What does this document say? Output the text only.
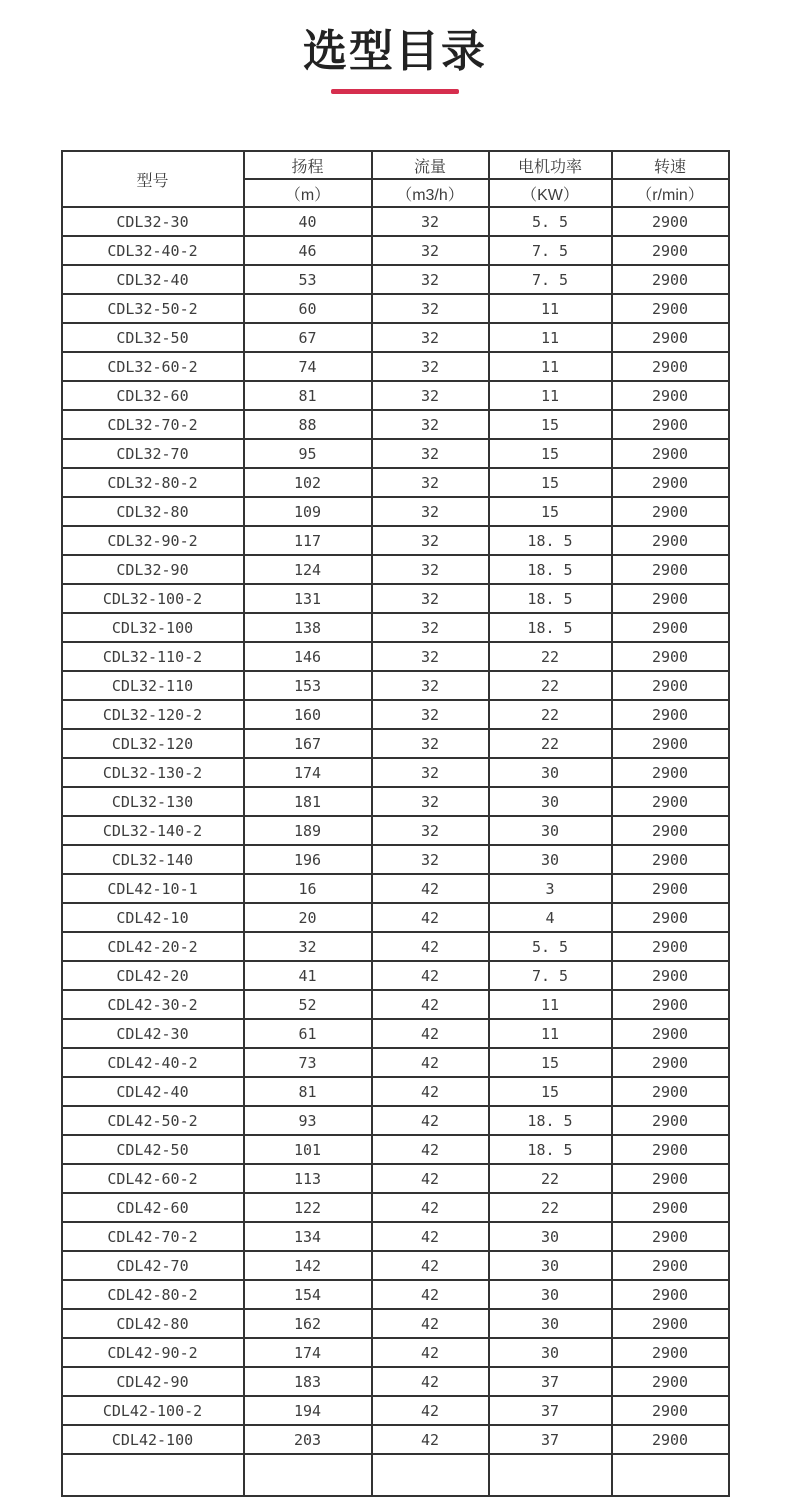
选型目录
型号	扬程	流量	电机功率	转速
	（m）	（m3/h）	（KW）	（r/min）
CDL32-30	40	32	5. 5	2900
CDL32-40-2	46	32	7. 5	2900
CDL32-40	53	32	7. 5	2900
CDL32-50-2	60	32	11	2900
CDL32-50	67	32	11	2900
CDL32-60-2	74	32	11	2900
CDL32-60	81	32	11	2900
CDL32-70-2	88	32	15	2900
CDL32-70	95	32	15	2900
CDL32-80-2	102	32	15	2900
CDL32-80	109	32	15	2900
CDL32-90-2	117	32	18. 5	2900
CDL32-90	124	32	18. 5	2900
CDL32-100-2	131	32	18. 5	2900
CDL32-100	138	32	18. 5	2900
CDL32-110-2	146	32	22	2900
CDL32-110	153	32	22	2900
CDL32-120-2	160	32	22	2900
CDL32-120	167	32	22	2900
CDL32-130-2	174	32	30	2900
CDL32-130	181	32	30	2900
CDL32-140-2	189	32	30	2900
CDL32-140	196	32	30	2900
CDL42-10-1	16	42	3	2900
CDL42-10	20	42	4	2900
CDL42-20-2	32	42	5. 5	2900
CDL42-20	41	42	7. 5	2900
CDL42-30-2	52	42	11	2900
CDL42-30	61	42	11	2900
CDL42-40-2	73	42	15	2900
CDL42-40	81	42	15	2900
CDL42-50-2	93	42	18. 5	2900
CDL42-50	101	42	18. 5	2900
CDL42-60-2	113	42	22	2900
CDL42-60	122	42	22	2900
CDL42-70-2	134	42	30	2900
CDL42-70	142	42	30	2900
CDL42-80-2	154	42	30	2900
CDL42-80	162	42	30	2900
CDL42-90-2	174	42	30	2900
CDL42-90	183	42	37	2900
CDL42-100-2	194	42	37	2900
CDL42-100	203	42	37	2900
